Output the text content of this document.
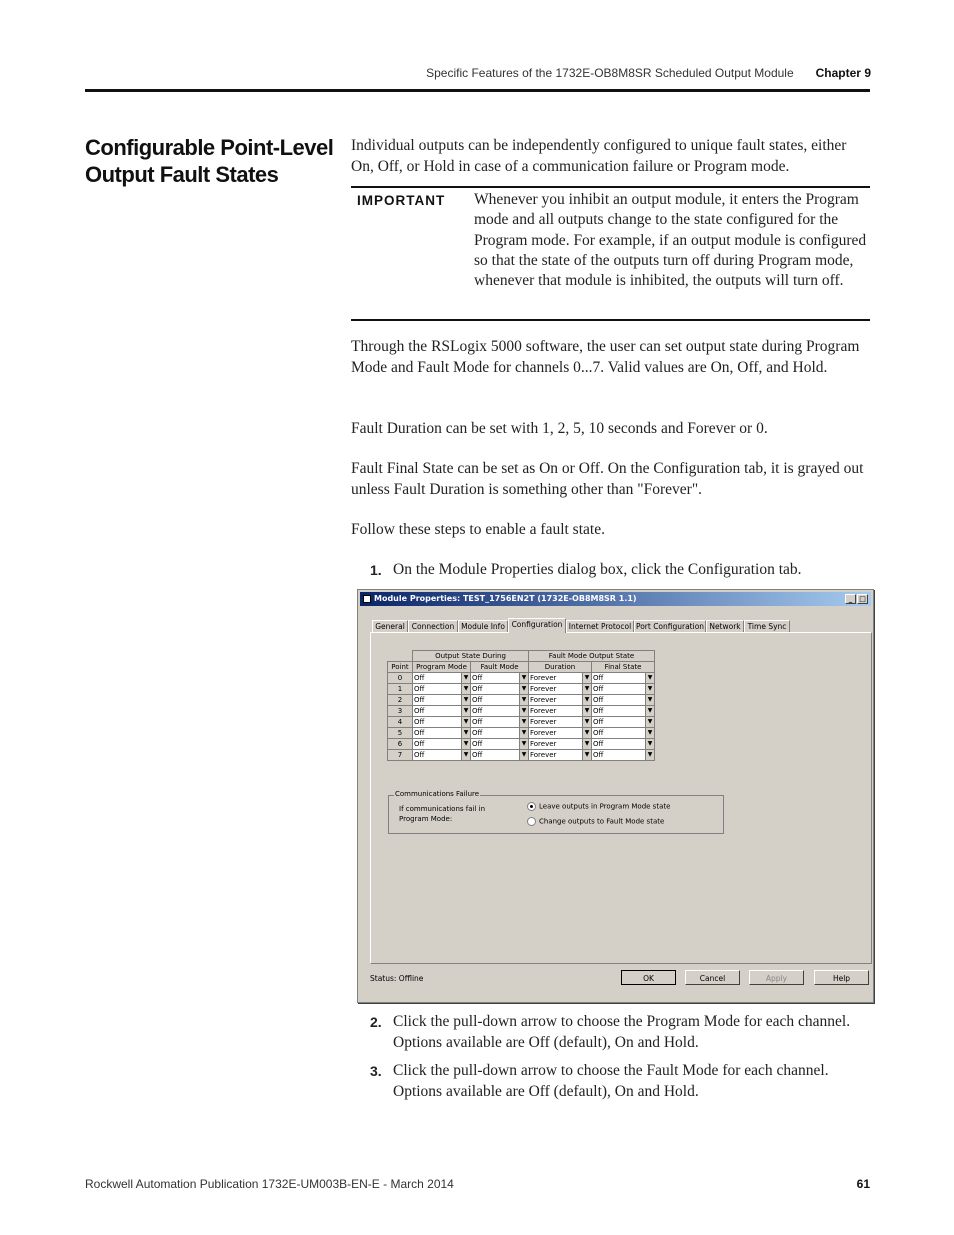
Specific Features of the 1732E-OB8M8SR Scheduled Output Module Chapter 9
Configurable Point-Level Output Fault States
Individual outputs can be independently configured to unique fault states, either On, Off, or Hold in case of a communication failure or Program mode.
IMPORTANT Whenever you inhibit an output module, it enters the Program mode and all outputs change to the state configured for the Program mode. For example, if an output module is configured so that the state of the outputs turn off during Program mode, whenever that module is inhibited, the outputs will turn off.
Through the RSLogix 5000 software, the user can set output state during Program Mode and Fault Mode for channels 0...7. Valid values are On, Off, and Hold.
Fault Duration can be set with 1, 2, 5, 10 seconds and Forever or 0.
Fault Final State can be set as On or Off. On the Configuration tab, it is grayed out unless Fault Duration is something other than "Forever".
Follow these steps to enable a fault state.
1. On the Module Properties dialog box, click the Configuration tab.
Module Properties: TEST_1756EN2T (1732E-OB8M8SR 1.1)	_ □
General Connection Module Info Configuration Internet Protocol Port Configuration Network Time Sync
	Output State During		Fault Mode Output State	
Point	Program Mode	Fault Mode	Duration	Final State
0	Off ▼	Off ▼	Forever ▼	Off ▼

1	Off ▼	Off ▼	Forever ▼	Off ▼

2	Off ▼	Off ▼	Forever ▼	Off ▼

3	Off ▼	Off ▼	Forever ▼	Off ▼

4	Off ▼	Off ▼	Forever ▼	Off ▼

5	Off ▼	Off ▼	Forever ▼	Off ▼

6	Off ▼	Off ▼	Forever ▼	Off ▼

7	Off ▼	Off ▼	Forever ▼	Off ▼
Communications Failure
If communications fail in Program Mode:
Leave outputs in Program Mode state
Change outputs to Fault Mode state
Status: Offline	OK	Cancel	Apply	Help
2. Click the pull-down arrow to choose the Program Mode for each channel. Options available are Off (default), On and Hold.
3. Click the pull-down arrow to choose the Fault Mode for each channel. Options available are Off (default), On and Hold.
Rockwell Automation Publication 1732E-UM003B-EN-E - March 2014	61
